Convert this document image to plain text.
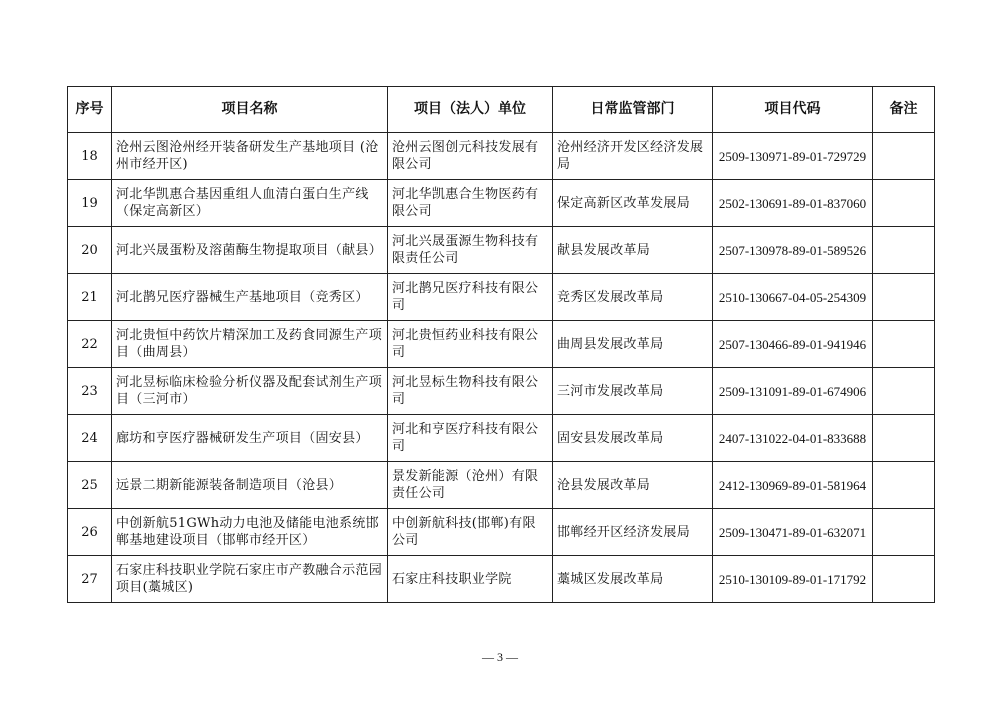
序号	项目名称	项目（法人）单位	日常监管部门	项目代码	备注
18	沧州云图沧州经开装备研发生产基地项目 (沧州市经开区)	沧州云图创元科技发展有限公司	沧州经济开发区经济发展局	2509-130971-89-01-729729	
19	河北华凯惠合基因重组人血清白蛋白生产线（保定高新区）	河北华凯惠合生物医药有限公司	保定高新区改革发展局	2502-130691-89-01-837060	
20	河北兴晟蛋粉及溶菌酶生物提取项目（献县）	河北兴晟蛋源生物科技有限责任公司	献县发展改革局	2507-130978-89-01-589526	
21	河北鹊兄医疗器械生产基地项目（竞秀区）	河北鹊兄医疗科技有限公司	竞秀区发展改革局	2510-130667-04-05-254309	
22	河北贵恒中药饮片精深加工及药食同源生产项目（曲周县）	河北贵恒药业科技有限公司	曲周县发展改革局	2507-130466-89-01-941946	
23	河北昱标临床检验分析仪器及配套试剂生产项目（三河市）	河北昱标生物科技有限公司	三河市发展改革局	2509-131091-89-01-674906	
24	廊坊和亨医疗器械研发生产项目（固安县）	河北和亨医疗科技有限公司	固安县发展改革局	2407-131022-04-01-833688	
25	远景二期新能源装备制造项目（沧县）	景发新能源（沧州）有限责任公司	沧县发展改革局	2412-130969-89-01-581964	
26	中创新航51GWh动力电池及储能电池系统邯郸基地建设项目（邯郸市经开区）	中创新航科技(邯郸)有限公司	邯郸经开区经济发展局	2509-130471-89-01-632071	
27	石家庄科技职业学院石家庄市产教融合示范园项目(藁城区)	石家庄科技职业学院	藁城区发展改革局	2510-130109-89-01-171792	
— 3 —
